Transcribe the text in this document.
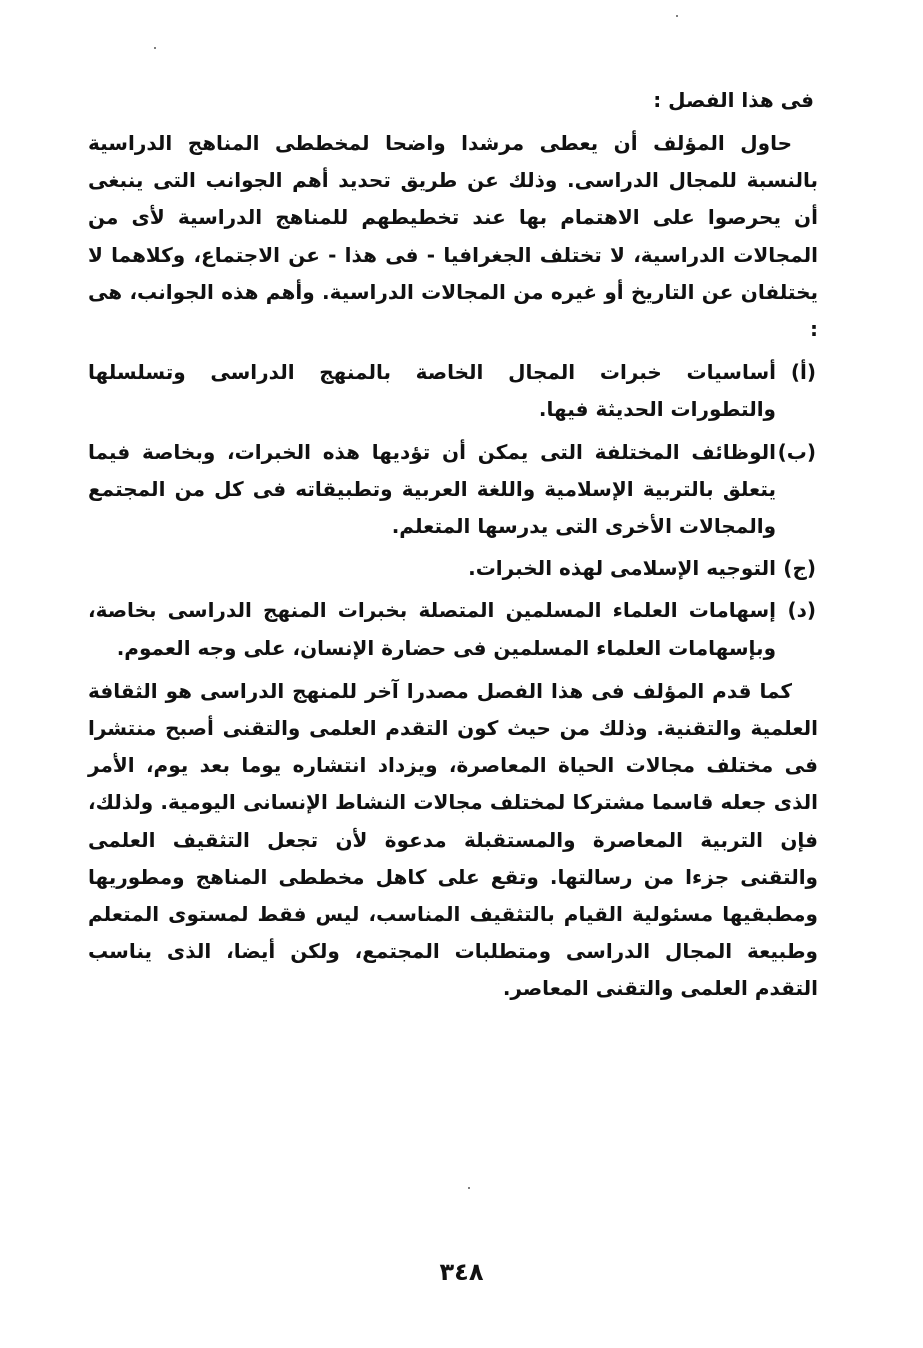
فى هذا الفصل :

حاول المؤلف أن يعطى مرشدا واضحا لمخططى المناهج الدراسية بالنسبة للمجال الدراسى. وذلك عن طريق تحديد أهم الجوانب التى ينبغى أن يحرصوا على الاهتمام بها عند تخطيطهم للمناهج الدراسية لأى من المجالات الدراسية، لا تختلف الجغرافيا - فى هذا - عن الاجتماع، وكلاهما لا يختلفان عن التاريخ أو غيره من المجالات الدراسية. وأهم هذه الجوانب، هى :

(أ)
أساسيات خبرات المجال الخاصة بالمنهج الدراسى وتسلسلها والتطورات الحديثة فيها.
(ب)
الوظائف المختلفة التى يمكن أن تؤديها هذه الخبرات، وبخاصة فيما يتعلق بالتربية الإسلامية واللغة العربية وتطبيقاته فى كل من المجتمع والمجالات الأخرى التى يدرسها المتعلم.
(ج)
التوجيه الإسلامى لهذه الخبرات.
(د)
إسهامات العلماء المسلمين المتصلة بخبرات المنهج الدراسى بخاصة، وبإسهامات العلماء المسلمين فى حضارة الإنسان، على وجه العموم.

كما قدم المؤلف فى هذا الفصل مصدرا آخر للمنهج الدراسى هو الثقافة العلمية والتقنية. وذلك من حيث كون التقدم العلمى والتقنى أصبح منتشرا فى مختلف مجالات الحياة المعاصرة، ويزداد انتشاره يوما بعد يوم، الأمر الذى جعله قاسما مشتركا لمختلف مجالات النشاط الإنسانى اليومية. ولذلك، فإن التربية المعاصرة والمستقبلة مدعوة لأن تجعل التثقيف العلمى والتقنى جزءا من رسالتها. وتقع على كاهل مخططى المناهج ومطوريها ومطبقيها مسئولية القيام بالتثقيف المناسب، ليس فقط لمستوى المتعلم وطبيعة المجال الدراسى ومتطلبات المجتمع، ولكن أيضا، الذى يناسب التقدم العلمى والتقنى المعاصر.

٣٤٨
